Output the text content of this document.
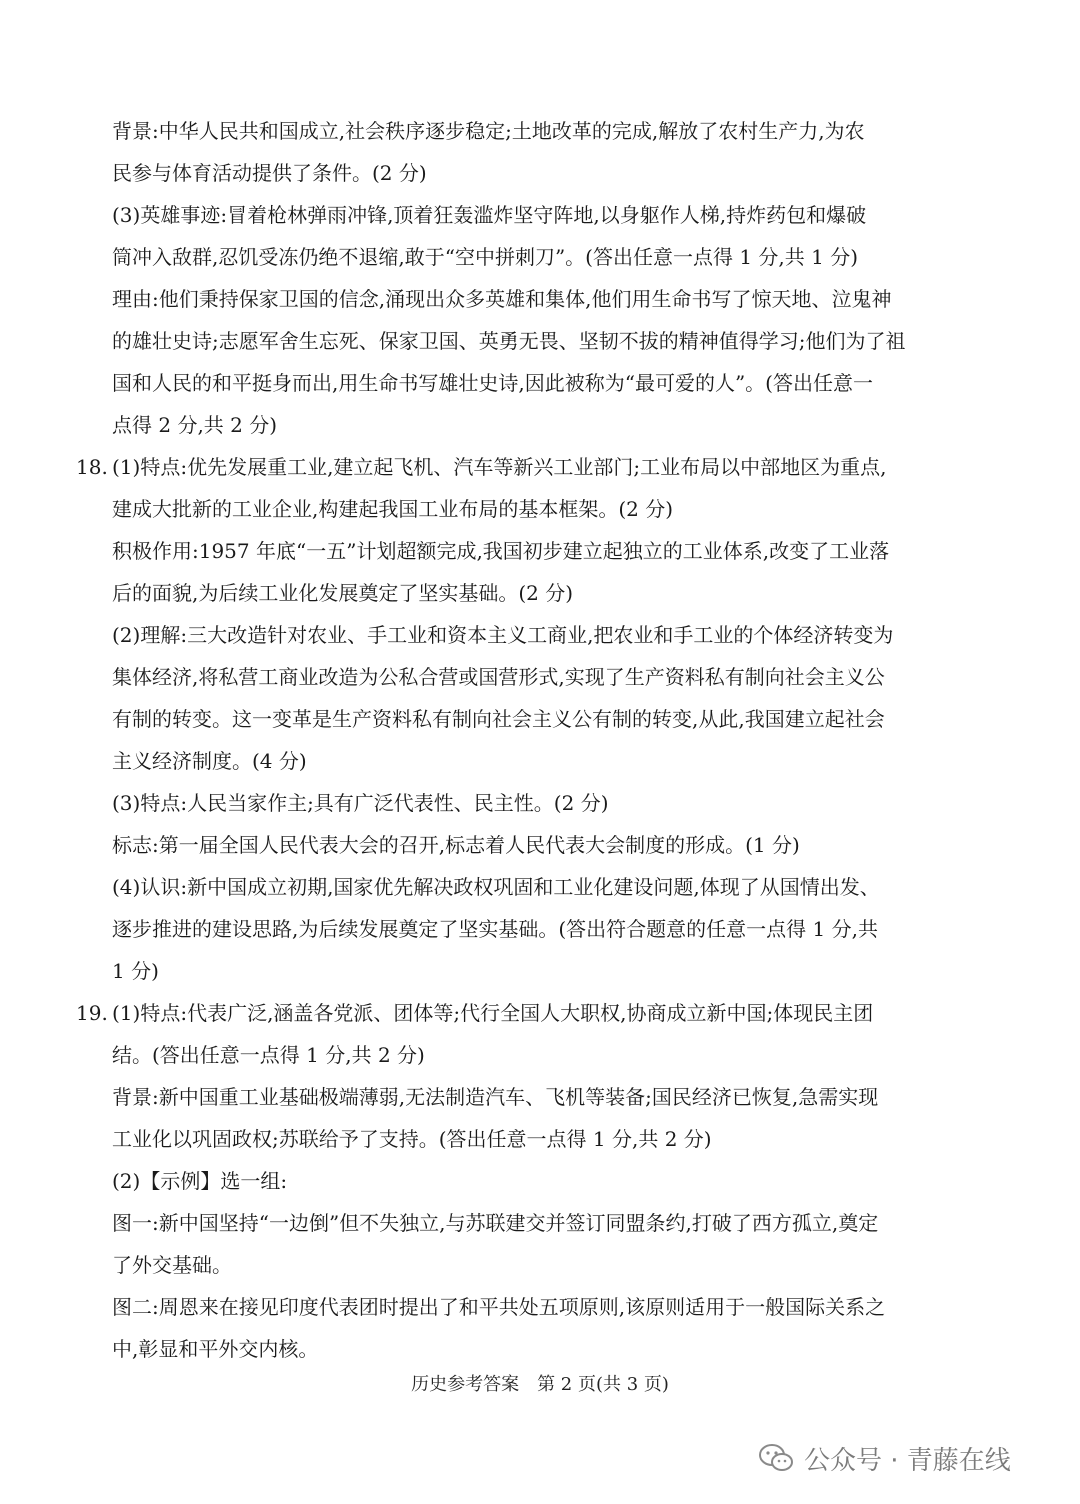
背景:中华人民共和国成立,社会秩序逐步稳定;土地改革的完成,解放了农村生产力,为农
民参与体育活动提供了条件。(2 分)
(3)英雄事迹:冒着枪林弹雨冲锋,顶着狂轰滥炸坚守阵地,以身躯作人梯,持炸药包和爆破
筒冲入敌群,忍饥受冻仍绝不退缩,敢于“空中拼刺刀”。(答出任意一点得 1 分,共 1 分)
理由:他们秉持保家卫国的信念,涌现出众多英雄和集体,他们用生命书写了惊天地、泣鬼神
的雄壮史诗;志愿军舍生忘死、保家卫国、英勇无畏、坚韧不拔的精神值得学习;他们为了祖
国和人民的和平挺身而出,用生命书写雄壮史诗,因此被称为“最可爱的人”。(答出任意一
点得 2 分,共 2 分)
18. (1)特点:优先发展重工业,建立起飞机、汽车等新兴工业部门;工业布局以中部地区为重点,
建成大批新的工业企业,构建起我国工业布局的基本框架。(2 分)
积极作用:1957 年底“一五”计划超额完成,我国初步建立起独立的工业体系,改变了工业落
后的面貌,为后续工业化发展奠定了坚实基础。(2 分)
(2)理解:三大改造针对农业、手工业和资本主义工商业,把农业和手工业的个体经济转变为
集体经济,将私营工商业改造为公私合营或国营形式,实现了生产资料私有制向社会主义公
有制的转变。这一变革是生产资料私有制向社会主义公有制的转变,从此,我国建立起社会
主义经济制度。(4 分)
(3)特点:人民当家作主;具有广泛代表性、民主性。(2 分)
标志:第一届全国人民代表大会的召开,标志着人民代表大会制度的形成。(1 分)
(4)认识:新中国成立初期,国家优先解决政权巩固和工业化建设问题,体现了从国情出发、
逐步推进的建设思路,为后续发展奠定了坚实基础。(答出符合题意的任意一点得 1 分,共
1 分)
19. (1)特点:代表广泛,涵盖各党派、团体等;代行全国人大职权,协商成立新中国;体现民主团
结。(答出任意一点得 1 分,共 2 分)
背景:新中国重工业基础极端薄弱,无法制造汽车、飞机等装备;国民经济已恢复,急需实现
工业化以巩固政权;苏联给予了支持。(答出任意一点得 1 分,共 2 分)
(2)【示例】选一组:
图一:新中国坚持“一边倒”但不失独立,与苏联建交并签订同盟条约,打破了西方孤立,奠定
了外交基础。
图二:周恩来在接见印度代表团时提出了和平共处五项原则,该原则适用于一般国际关系之
中,彰显和平外交内核。
历史参考答案　第 2 页(共 3 页)
公众号 · 青藤在线
